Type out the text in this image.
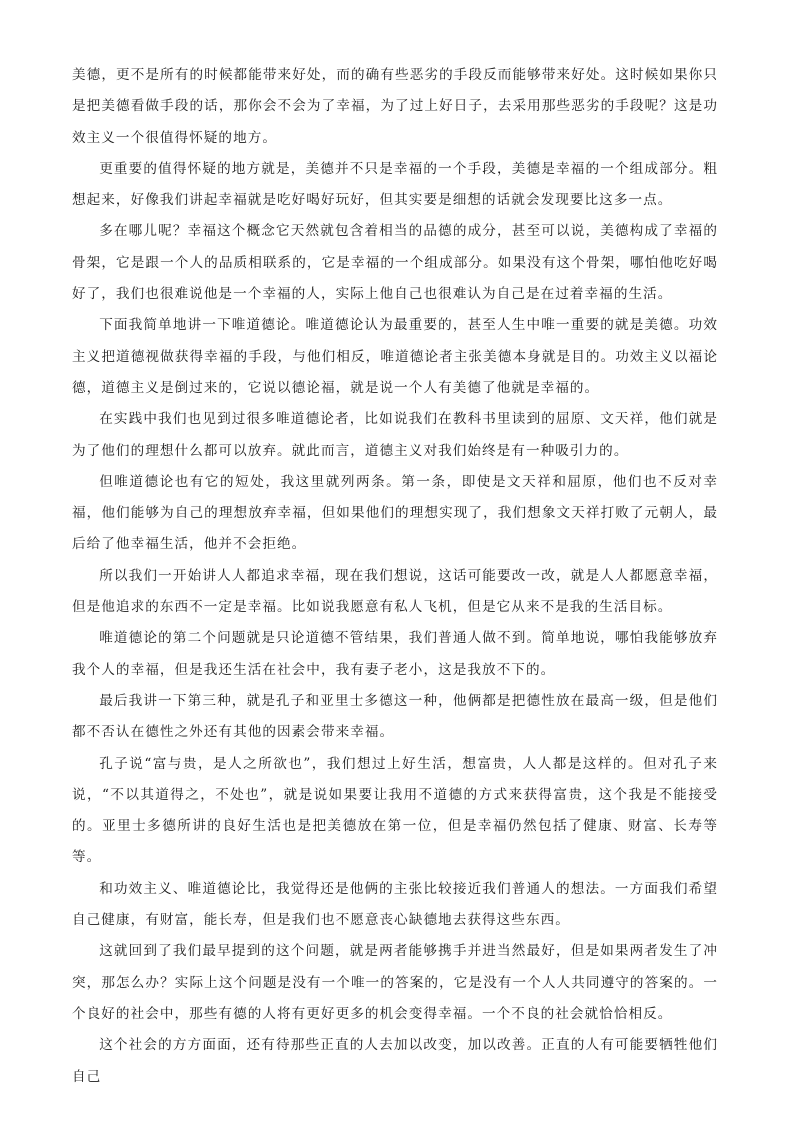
美德，更不是所有的时候都能带来好处，而的确有些恶劣的手段反而能够带来好处。这时候如果你只是把美德看做手段的话，那你会不会为了幸福，为了过上好日子，去采用那些恶劣的手段呢？这是功效主义一个很值得怀疑的地方。

更重要的值得怀疑的地方就是，美德并不只是幸福的一个手段，美德是幸福的一个组成部分。粗想起来，好像我们讲起幸福就是吃好喝好玩好，但其实要是细想的话就会发现要比这多一点。

多在哪儿呢？幸福这个概念它天然就包含着相当的品德的成分，甚至可以说，美德构成了幸福的骨架，它是跟一个人的品质相联系的，它是幸福的一个组成部分。如果没有这个骨架，哪怕他吃好喝好了，我们也很难说他是一个幸福的人，实际上他自己也很难认为自己是在过着幸福的生活。

下面我简单地讲一下唯道德论。唯道德论认为最重要的，甚至人生中唯一重要的就是美德。功效主义把道德视做获得幸福的手段，与他们相反，唯道德论者主张美德本身就是目的。功效主义以福论德，道德主义是倒过来的，它说以德论福，就是说一个人有美德了他就是幸福的。

在实践中我们也见到过很多唯道德论者，比如说我们在教科书里读到的屈原、文天祥，他们就是为了他们的理想什么都可以放弃。就此而言，道德主义对我们始终是有一种吸引力的。

但唯道德论也有它的短处，我这里就列两条。第一条，即使是文天祥和屈原，他们也不反对幸福，他们能够为自己的理想放弃幸福，但如果他们的理想实现了，我们想象文天祥打败了元朝人，最后给了他幸福生活，他并不会拒绝。

所以我们一开始讲人人都追求幸福，现在我们想说，这话可能要改一改，就是人人都愿意幸福，但是他追求的东西不一定是幸福。比如说我愿意有私人飞机，但是它从来不是我的生活目标。

唯道德论的第二个问题就是只论道德不管结果，我们普通人做不到。简单地说，哪怕我能够放弃我个人的幸福，但是我还生活在社会中，我有妻子老小，这是我放不下的。

最后我讲一下第三种，就是孔子和亚里士多德这一种，他俩都是把德性放在最高一级，但是他们都不否认在德性之外还有其他的因素会带来幸福。

孔子说“富与贵，是人之所欲也”，我们想过上好生活，想富贵，人人都是这样的。但对孔子来说，“不以其道得之，不处也”，就是说如果要让我用不道德的方式来获得富贵，这个我是不能接受的。亚里士多德所讲的良好生活也是把美德放在第一位，但是幸福仍然包括了健康、财富、长寿等等。

和功效主义、唯道德论比，我觉得还是他俩的主张比较接近我们普通人的想法。一方面我们希望自己健康，有财富，能长寿，但是我们也不愿意丧心缺德地去获得这些东西。

这就回到了我们最早提到的这个问题，就是两者能够携手并进当然最好，但是如果两者发生了冲突，那怎么办？实际上这个问题是没有一个唯一的答案的，它是没有一个人人共同遵守的答案的。一个良好的社会中，那些有德的人将有更好更多的机会变得幸福。一个不良的社会就恰恰相反。

这个社会的方方面面，还有待那些正直的人去加以改变，加以改善。正直的人有可能要牺牲他们自己
